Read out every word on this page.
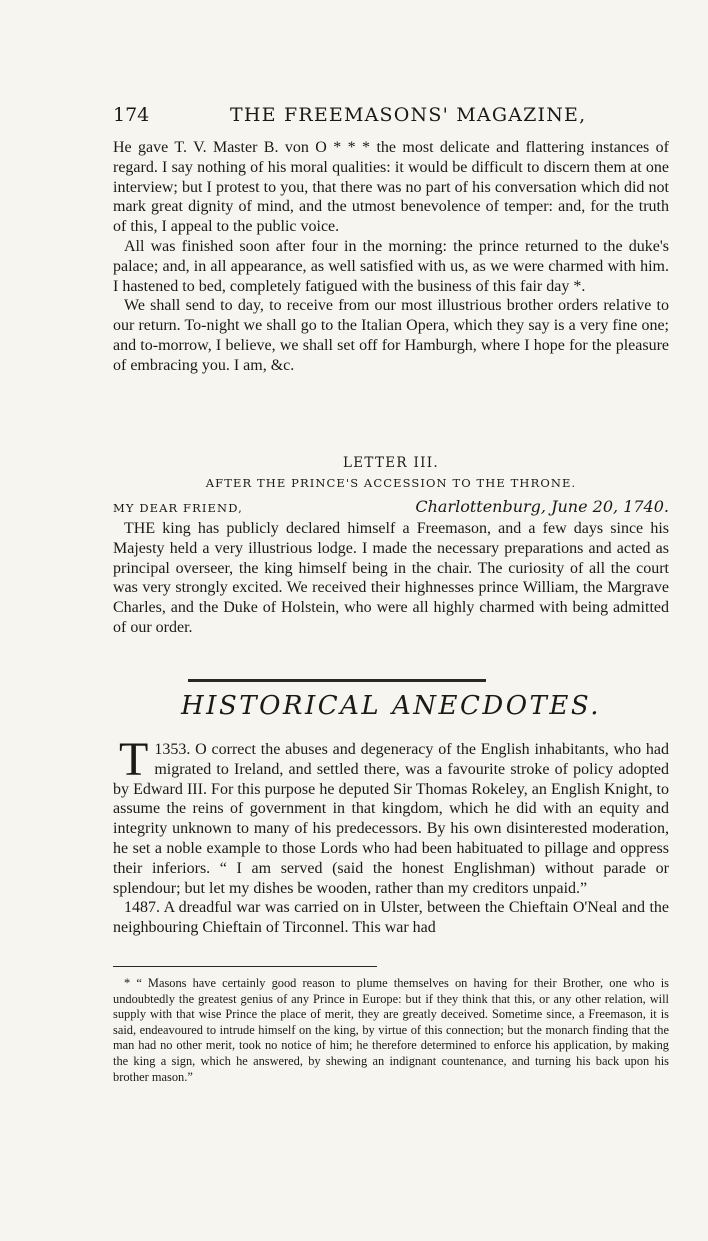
174	THE FREEMASONS' MAGAZINE,

He gave T. V. Master B. von O * * * the most delicate and flattering instances of regard. I say nothing of his moral qualities: it would be difficult to discern them at one interview; but I protest to you, that there was no part of his conversation which did not mark great dignity of mind, and the utmost benevolence of temper: and, for the truth of this, I appeal to the public voice.

All was finished soon after four in the morning: the prince returned to the duke's palace; and, in all appearance, as well satisfied with us, as we were charmed with him. I hastened to bed, completely fatigued with the business of this fair day *.

We shall send to day, to receive from our most illustrious brother orders relative to our return. To-night we shall go to the Italian Opera, which they say is a very fine one; and to-morrow, I believe, we shall set off for Hamburgh, where I hope for the pleasure of embracing you. I am, &c.

LETTER III.
AFTER THE PRINCE'S ACCESSION TO THE THRONE.
MY DEAR FRIEND,	Charlottenburg, June 20, 1740.

THE king has publicly declared himself a Freemason, and a few days since his Majesty held a very illustrious lodge. I made the necessary preparations and acted as principal overseer, the king himself being in the chair. The curiosity of all the court was very strongly excited. We received their highnesses prince William, the Margrave Charles, and the Duke of Holstein, who were all highly charmed with being admitted of our order.

HISTORICAL ANECDOTES.

T 1353. O correct the abuses and degeneracy of the English inhabitants, who had migrated to Ireland, and settled there, was a favourite stroke of policy adopted by Edward III. For this purpose he deputed Sir Thomas Rokeley, an English Knight, to assume the reins of government in that kingdom, which he did with an equity and integrity unknown to many of his predecessors. By his own disinterested moderation, he set a noble example to those Lords who had been habituated to pillage and oppress their inferiors. “ I am served (said the honest Englishman) without parade or splendour; but let my dishes be wooden, rather than my creditors unpaid.”

1487. A dreadful war was carried on in Ulster, between the Chieftain O'Neal and the neighbouring Chieftain of Tirconnel. This war had

* “ Masons have certainly good reason to plume themselves on having for their Brother, one who is undoubtedly the greatest genius of any Prince in Europe: but if they think that this, or any other relation, will supply with that wise Prince the place of merit, they are greatly deceived. Sometime since, a Freemason, it is said, endeavoured to intrude himself on the king, by virtue of this connection; but the monarch finding that the man had no other merit, took no notice of him; he therefore determined to enforce his application, by making the king a sign, which he answered, by shewing an indignant countenance, and turning his back upon his brother mason.”
